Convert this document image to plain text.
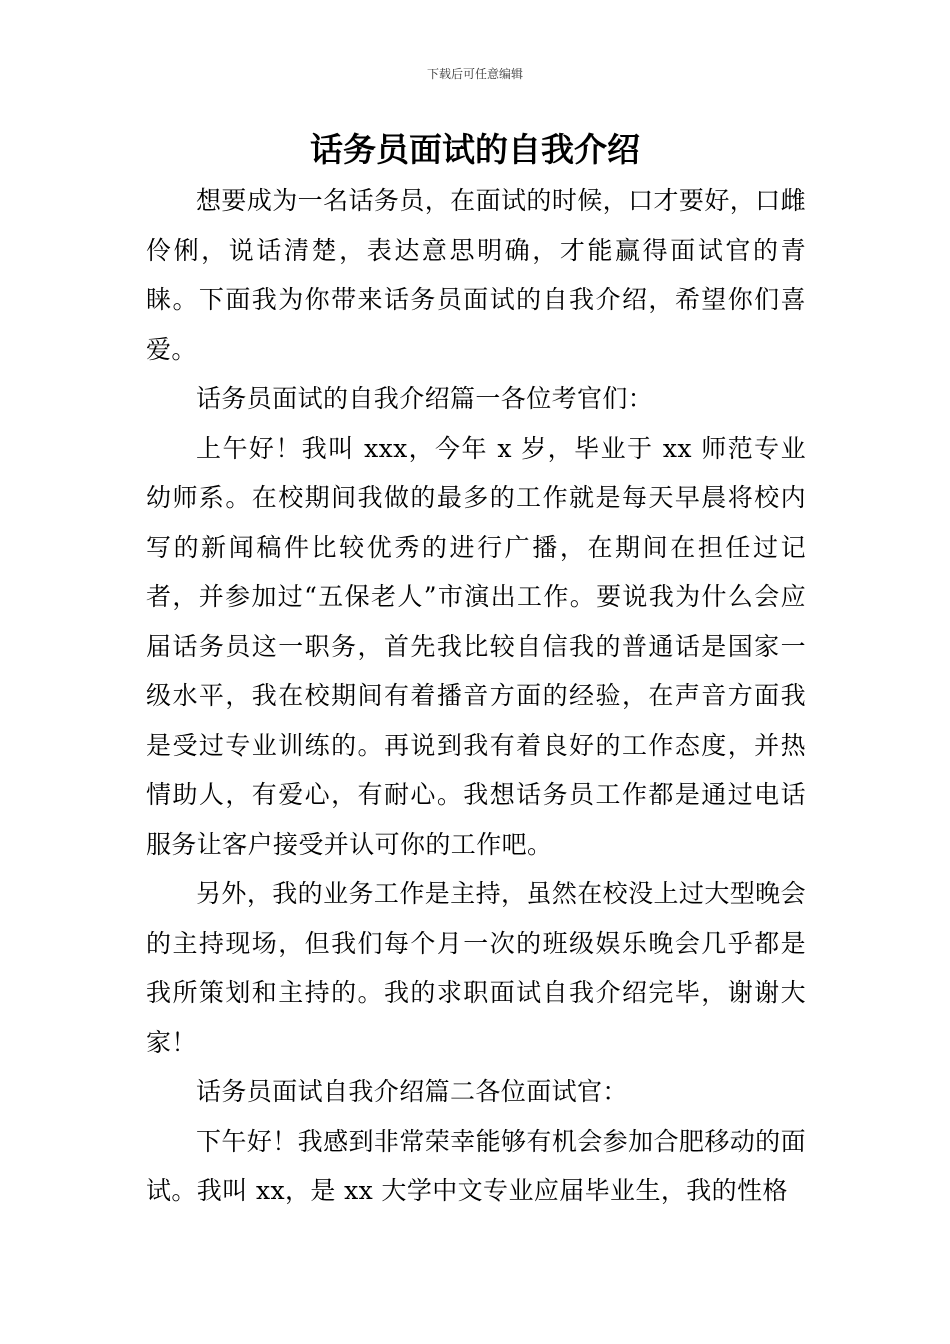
下载后可任意编辑
话务员面试的自我介绍

想要成为一名话务员，在面试的时候，口才要好，口雌伶俐，说话清楚，表达意思明确，才能赢得面试官的青睐。下面我为你带来话务员面试的自我介绍，希望你们喜爱。

话务员面试的自我介绍篇一各位考官们：

上午好！我叫 xxx，今年 x 岁，毕业于 xx 师范专业幼师系。在校期间我做的最多的工作就是每天早晨将校内写的新闻稿件比较优秀的进行广播，在期间在担任过记者，并参加过“五保老人”市演出工作。要说我为什么会应届话务员这一职务，首先我比较自信我的普通话是国家一级水平，我在校期间有着播音方面的经验，在声音方面我是受过专业训练的。再说到我有着良好的工作态度，并热情助人，有爱心，有耐心。我想话务员工作都是通过电话服务让客户接受并认可你的工作吧。

另外，我的业务工作是主持，虽然在校没上过大型晚会的主持现场，但我们每个月一次的班级娱乐晚会几乎都是我所策划和主持的。我的求职面试自我介绍完毕，谢谢大家！

话务员面试自我介绍篇二各位面试官：

下午好！我感到非常荣幸能够有机会参加合肥移动的面试。我叫 xx，是 xx 大学中文专业应届毕业生，我的性格
